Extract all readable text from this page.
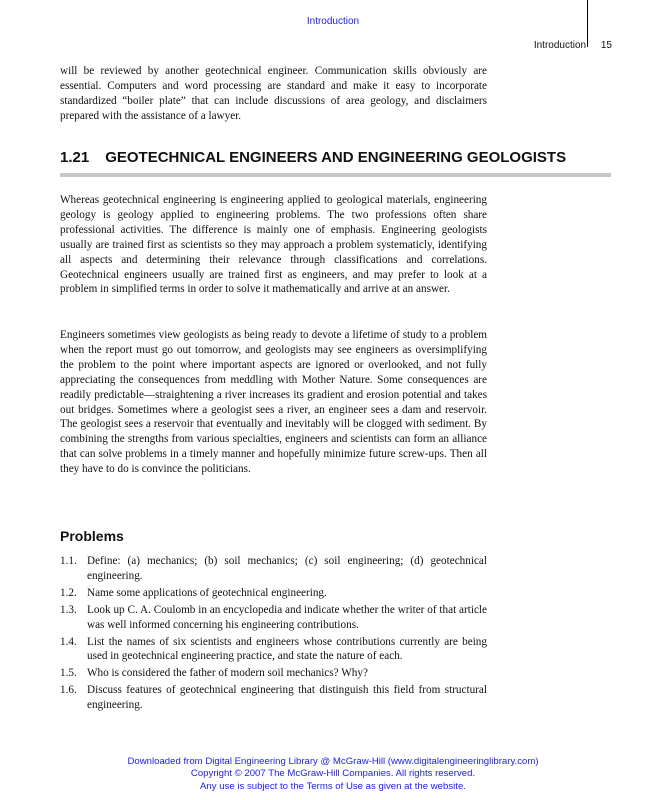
Introduction
Introduction 15

will be reviewed by another geotechnical engineer. Communication skills obviously are essential. Computers and word processing are standard and make it easy to incorporate standardized “boiler plate” that can include discussions of area geology, and disclaimers prepared with the assistance of a lawyer.

1.21 GEOTECHNICAL ENGINEERS AND ENGINEERING GEOLOGISTS

Whereas geotechnical engineering is engineering applied to geological materials, engineering geology is geology applied to engineering problems. The two professions often share professional activities. The difference is mainly one of emphasis. Engineering geologists usually are trained first as scientists so they may approach a problem systematicly, identifying all aspects and determining their relevance through classifications and correlations. Geotechnical engineers usually are trained first as engineers, and may prefer to look at a problem in simplified terms in order to solve it mathematically and arrive at an answer.

Engineers sometimes view geologists as being ready to devote a lifetime of study to a problem when the report must go out tomorrow, and geologists may see engineers as oversimplifying the problem to the point where important aspects are ignored or overlooked, and not fully appreciating the consequences from meddling with Mother Nature. Some consequences are readily predictable—straightening a river increases its gradient and erosion potential and takes out bridges. Sometimes where a geologist sees a river, an engineer sees a dam and reservoir. The geologist sees a reservoir that eventually and inevitably will be clogged with sediment. By combining the strengths from various specialties, engineers and scientists can form an alliance that can solve problems in a timely manner and hopefully minimize future screw-ups. Then all they have to do is convince the politicians.

Problems
1.1. Define: (a) mechanics; (b) soil mechanics; (c) soil engineering; (d) geotechnical engineering.
1.2. Name some applications of geotechnical engineering.
1.3. Look up C. A. Coulomb in an encyclopedia and indicate whether the writer of that article was well informed concerning his engineering contributions.
1.4. List the names of six scientists and engineers whose contributions currently are being used in geotechnical engineering practice, and state the nature of each.
1.5. Who is considered the father of modern soil mechanics? Why?
1.6. Discuss features of geotechnical engineering that distinguish this field from structural engineering.
Downloaded from Digital Engineering Library @ McGraw-Hill (www.digitalengineeringlibrary.com)
Copyright © 2007 The McGraw-Hill Companies. All rights reserved.
Any use is subject to the Terms of Use as given at the website.
